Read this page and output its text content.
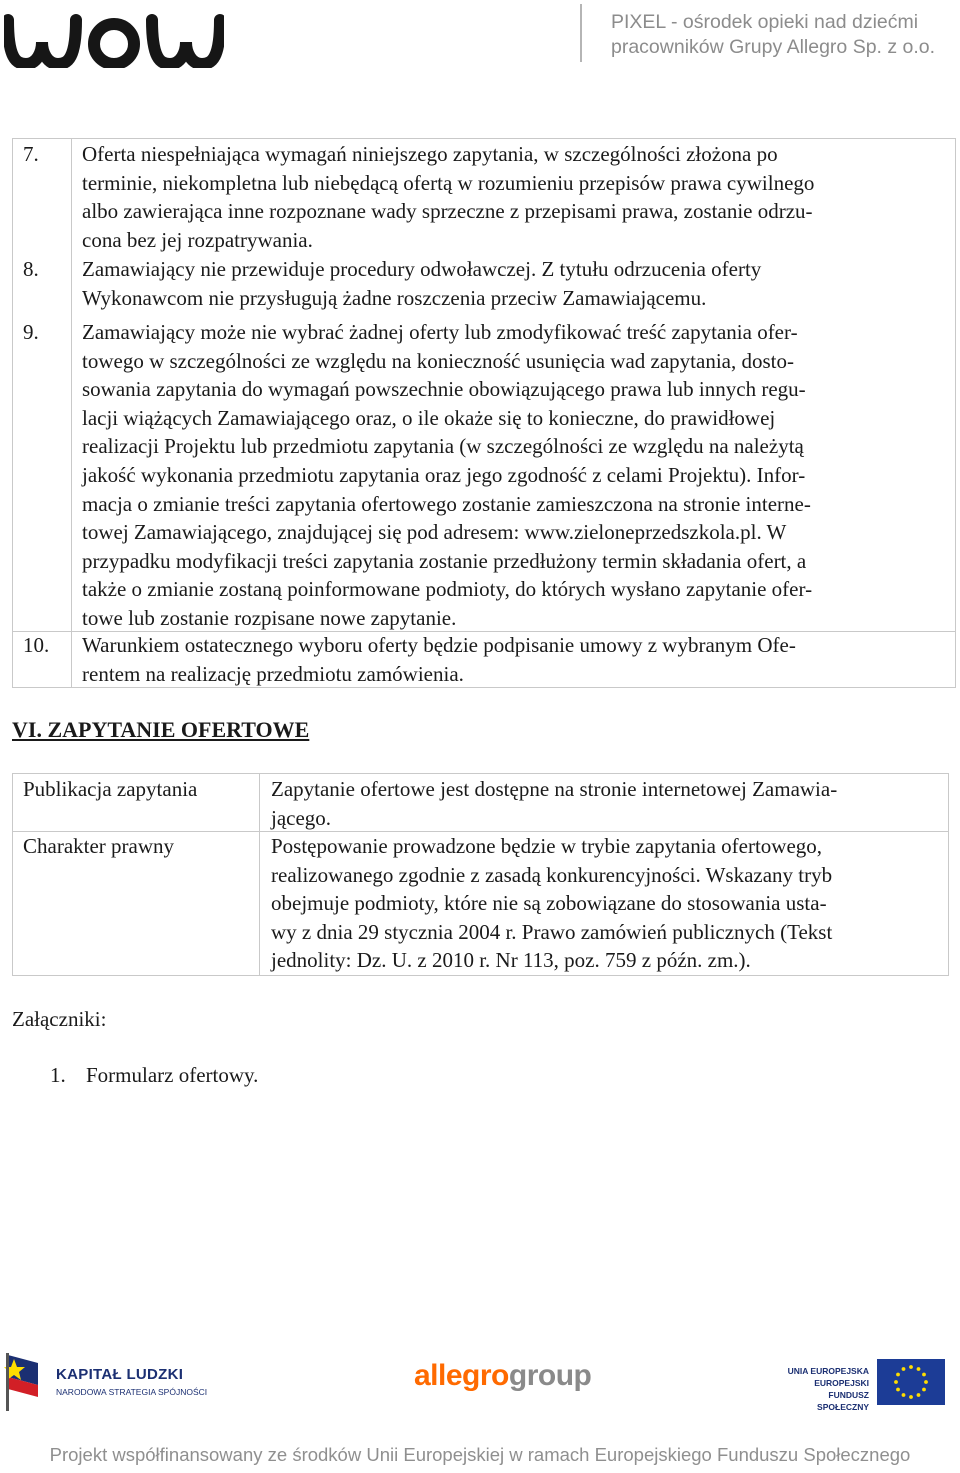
PIXEL - ośrodek opieki nad dziećmi
pracowników Grupy Allegro Sp. z o.o.
7. Oferta niespełniająca wymagań niniejszego zapytania, w szczególności złożona po
terminie, niekompletna lub niebędącą ofertą w rozumieniu przepisów prawa cywilnego
albo zawierająca inne rozpoznane wady sprzeczne z przepisami prawa, zostanie odrzu-
cona bez jej rozpatrywania.
8. Zamawiający nie przewiduje procedury odwoławczej. Z tytułu odrzucenia oferty
Wykonawcom nie przysługują żadne roszczenia przeciw Zamawiającemu.
9. Zamawiający może nie wybrać żadnej oferty lub zmodyfikować treść zapytania ofer-
towego w szczególności ze względu na konieczność usunięcia wad zapytania, dosto-
sowania zapytania do wymagań powszechnie obowiązującego prawa lub innych regu-
lacji wiążących Zamawiającego oraz, o ile okaże się to konieczne, do prawidłowej
realizacji Projektu lub przedmiotu zapytania (w szczególności ze względu na należytą
jakość wykonania przedmiotu zapytania oraz jego zgodność z celami Projektu). Infor-
macja o zmianie treści zapytania ofertowego zostanie zamieszczona na stronie interne-
towej Zamawiającego, znajdującej się pod adresem: www.zieloneprzedszkola.pl. W
przypadku modyfikacji treści zapytania zostanie przedłużony termin składania ofert, a
także o zmianie zostaną poinformowane podmioty, do których wysłano zapytanie ofer-
towe lub zostanie rozpisane nowe zapytanie.
10. Warunkiem ostatecznego wyboru oferty będzie podpisanie umowy z wybranym Ofe-
rentem na realizację przedmiotu zamówienia.
VI. ZAPYTANIE OFERTOWE
Publikacja zapytania	Zapytanie ofertowe jest dostępne na stronie internetowej Zamawia-
jącego.
Charakter prawny	Postępowanie prowadzone będzie w trybie zapytania ofertowego,
realizowanego zgodnie z zasadą konkurencyjności. Wskazany tryb
obejmuje podmioty, które nie są zobowiązane do stosowania usta-
wy z dnia 29 stycznia 2004 r. Prawo zamówień publicznych (Tekst
jednolity: Dz. U. z 2010 r. Nr 113, poz. 759 z późn. zm.).
Załączniki:
1. Formularz ofertowy.
KAPITAŁ LUDZKI
NARODOWA STRATEGIA SPÓJNOŚCI	allegrogroup	UNIA EUROPEJSKA
EUROPEJSKI
FUNDUSZ SPOŁECZNY
Projekt współfinansowany ze środków Unii Europejskiej w ramach Europejskiego Funduszu Społecznego
